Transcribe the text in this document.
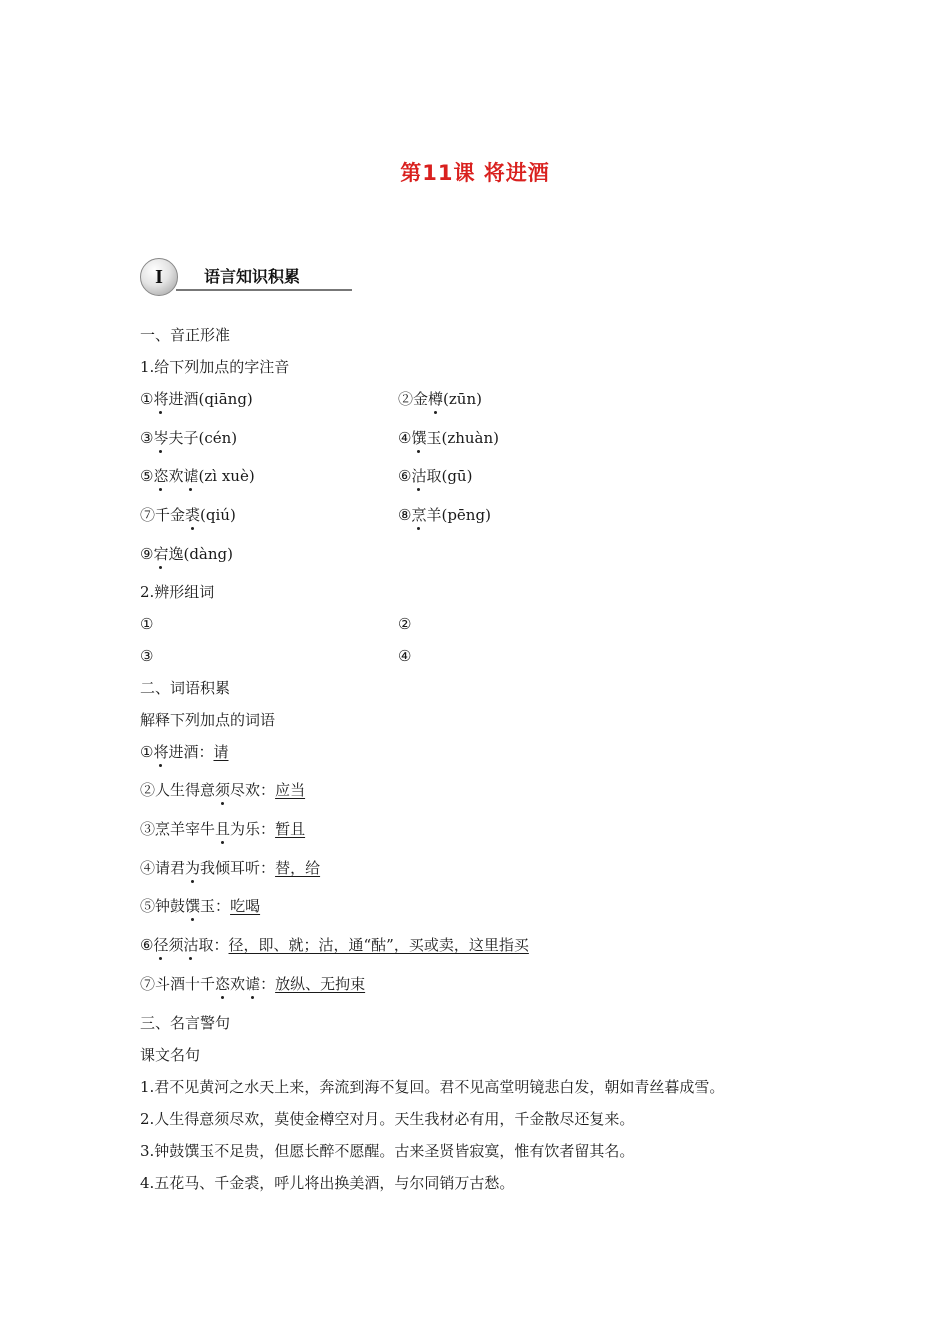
第11课 将进酒
I	语言知识积累
一、音正形准
1.给下列加点的字注音
2.辨形组词
①	②
③	④
二、词语积累
解释下列加点的词语
三、名言警句
课文名句
1.君不见黄河之水天上来，奔流到海不复回。君不见高堂明镜悲白发，朝如青丝暮成雪。
2.人生得意须尽欢，莫使金樽空对月。天生我材必有用，千金散尽还复来。
3.钟鼓馔玉不足贵，但愿长醉不愿醒。古来圣贤皆寂寞，惟有饮者留其名。
4.五花马、千金裘，呼儿将出换美酒，与尔同销万古愁。
①将进酒(qiāng)	②金樽(zūn)
③岑夫子(cén)	④馔玉(zhuàn)
⑤恣欢谑(zì xuè)	⑥沽取(gū)
⑦千金裘(qiú)	⑧烹羊(pēng)
⑨宕逸(dàng)
①将进酒：请
②人生得意须尽欢：应当
③烹羊宰牛且为乐：暂且
④请君为我倾耳听：替，给
⑤钟鼓馔玉：吃喝
⑥径须沽取：径，即、就；沽，通“酤”，买或卖，这里指买
⑦斗酒十千恣欢谑：放纵、无拘束
